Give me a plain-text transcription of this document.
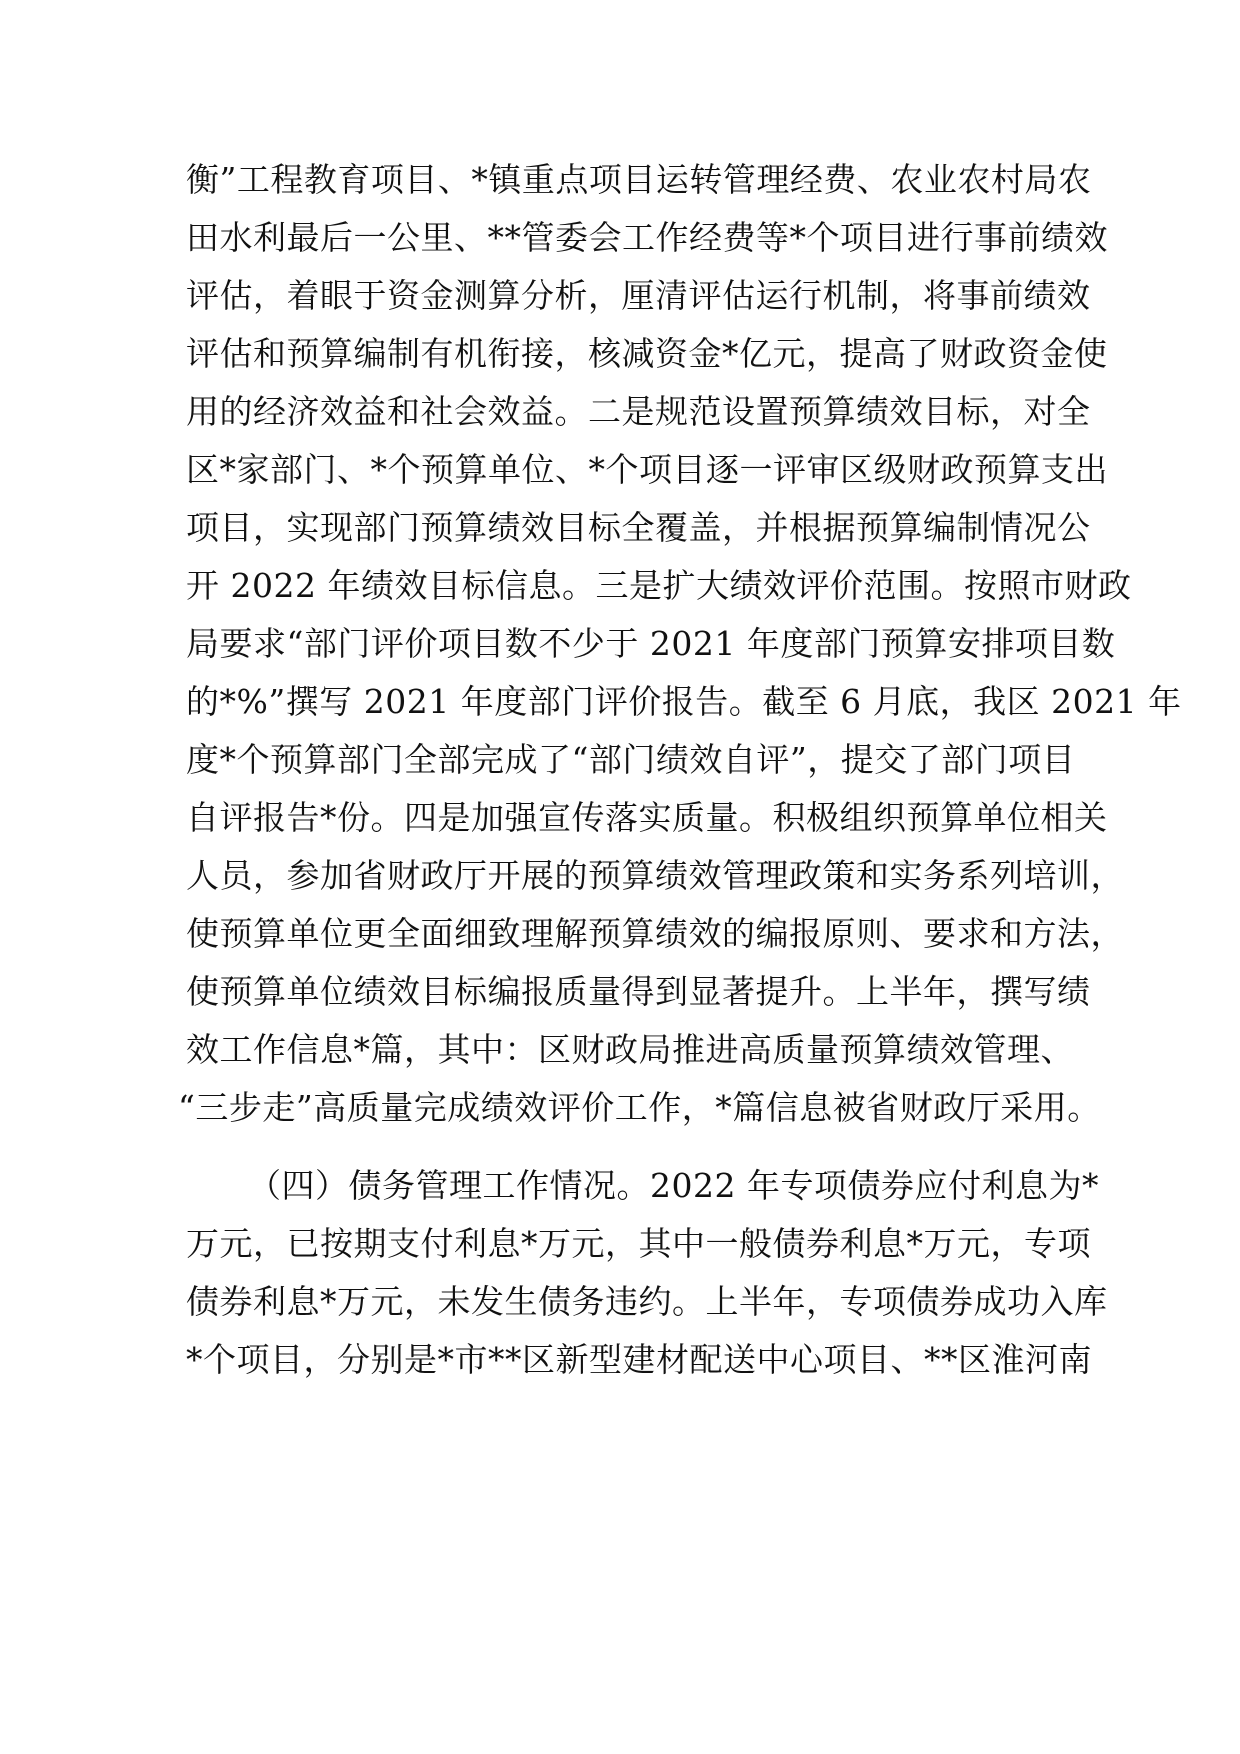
衡”工程教育项目、*镇重点项目运转管理经费、农业农村局农
田水利最后一公里、**管委会工作经费等*个项目进行事前绩效
评估，着眼于资金测算分析，厘清评估运行机制，将事前绩效
评估和预算编制有机衔接，核减资金*亿元，提高了财政资金使
用的经济效益和社会效益。二是规范设置预算绩效目标，对全
区*家部门、*个预算单位、*个项目逐一评审区级财政预算支出
项目，实现部门预算绩效目标全覆盖，并根据预算编制情况公
开 2022 年绩效目标信息。三是扩大绩效评价范围。按照市财政
局要求“部门评价项目数不少于 2021 年度部门预算安排项目数
的*%”撰写 2021 年度部门评价报告。截至 6 月底，我区 2021 年
度*个预算部门全部完成了“部门绩效自评”，提交了部门项目
自评报告*份。四是加强宣传落实质量。积极组织预算单位相关
人员，参加省财政厅开展的预算绩效管理政策和实务系列培训，
使预算单位更全面细致理解预算绩效的编报原则、要求和方法，
使预算单位绩效目标编报质量得到显著提升。上半年，撰写绩
效工作信息*篇，其中：区财政局推进高质量预算绩效管理、
“三步走”高质量完成绩效评价工作，*篇信息被省财政厅采用。
（四）债务管理工作情况。2022 年专项债券应付利息为*
万元，已按期支付利息*万元，其中一般债券利息*万元，专项
债券利息*万元，未发生债务违约。上半年，专项债券成功入库
*个项目，分别是*市**区新型建材配送中心项目、**区淮河南
